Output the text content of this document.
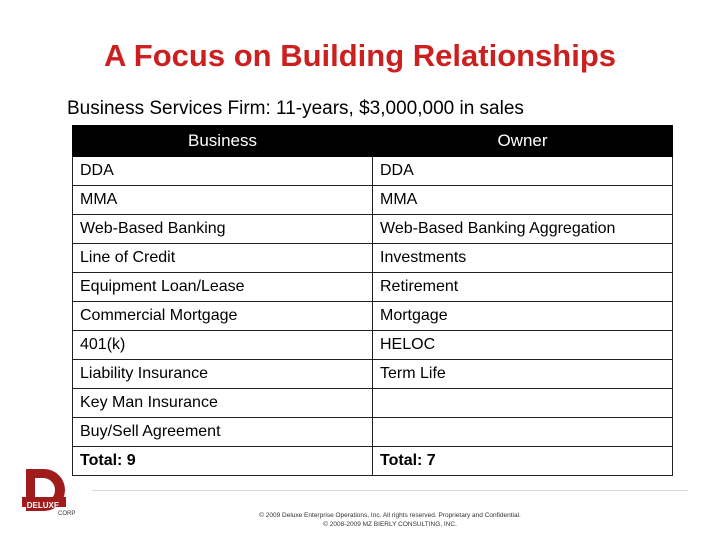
A Focus on Building Relationships
Business Services Firm: 11-years, $3,000,000 in sales
Business	Owner
DDA	DDA
MMA	MMA
Web-Based Banking	Web-Based Banking Aggregation
Line of Credit	Investments
Equipment Loan/Lease	Retirement
Commercial Mortgage	Mortgage
401(k)	HELOC
Liability Insurance	Term Life
Key Man Insurance	
Buy/Sell Agreement	
Total: 9	Total: 7
DELUXE
CORP	© 2009 Deluxe Enterprise Operations, Inc. All rights reserved. Proprietary and Confidential.
© 2008-2009 MZ BIERLY CONSULTING, INC.
